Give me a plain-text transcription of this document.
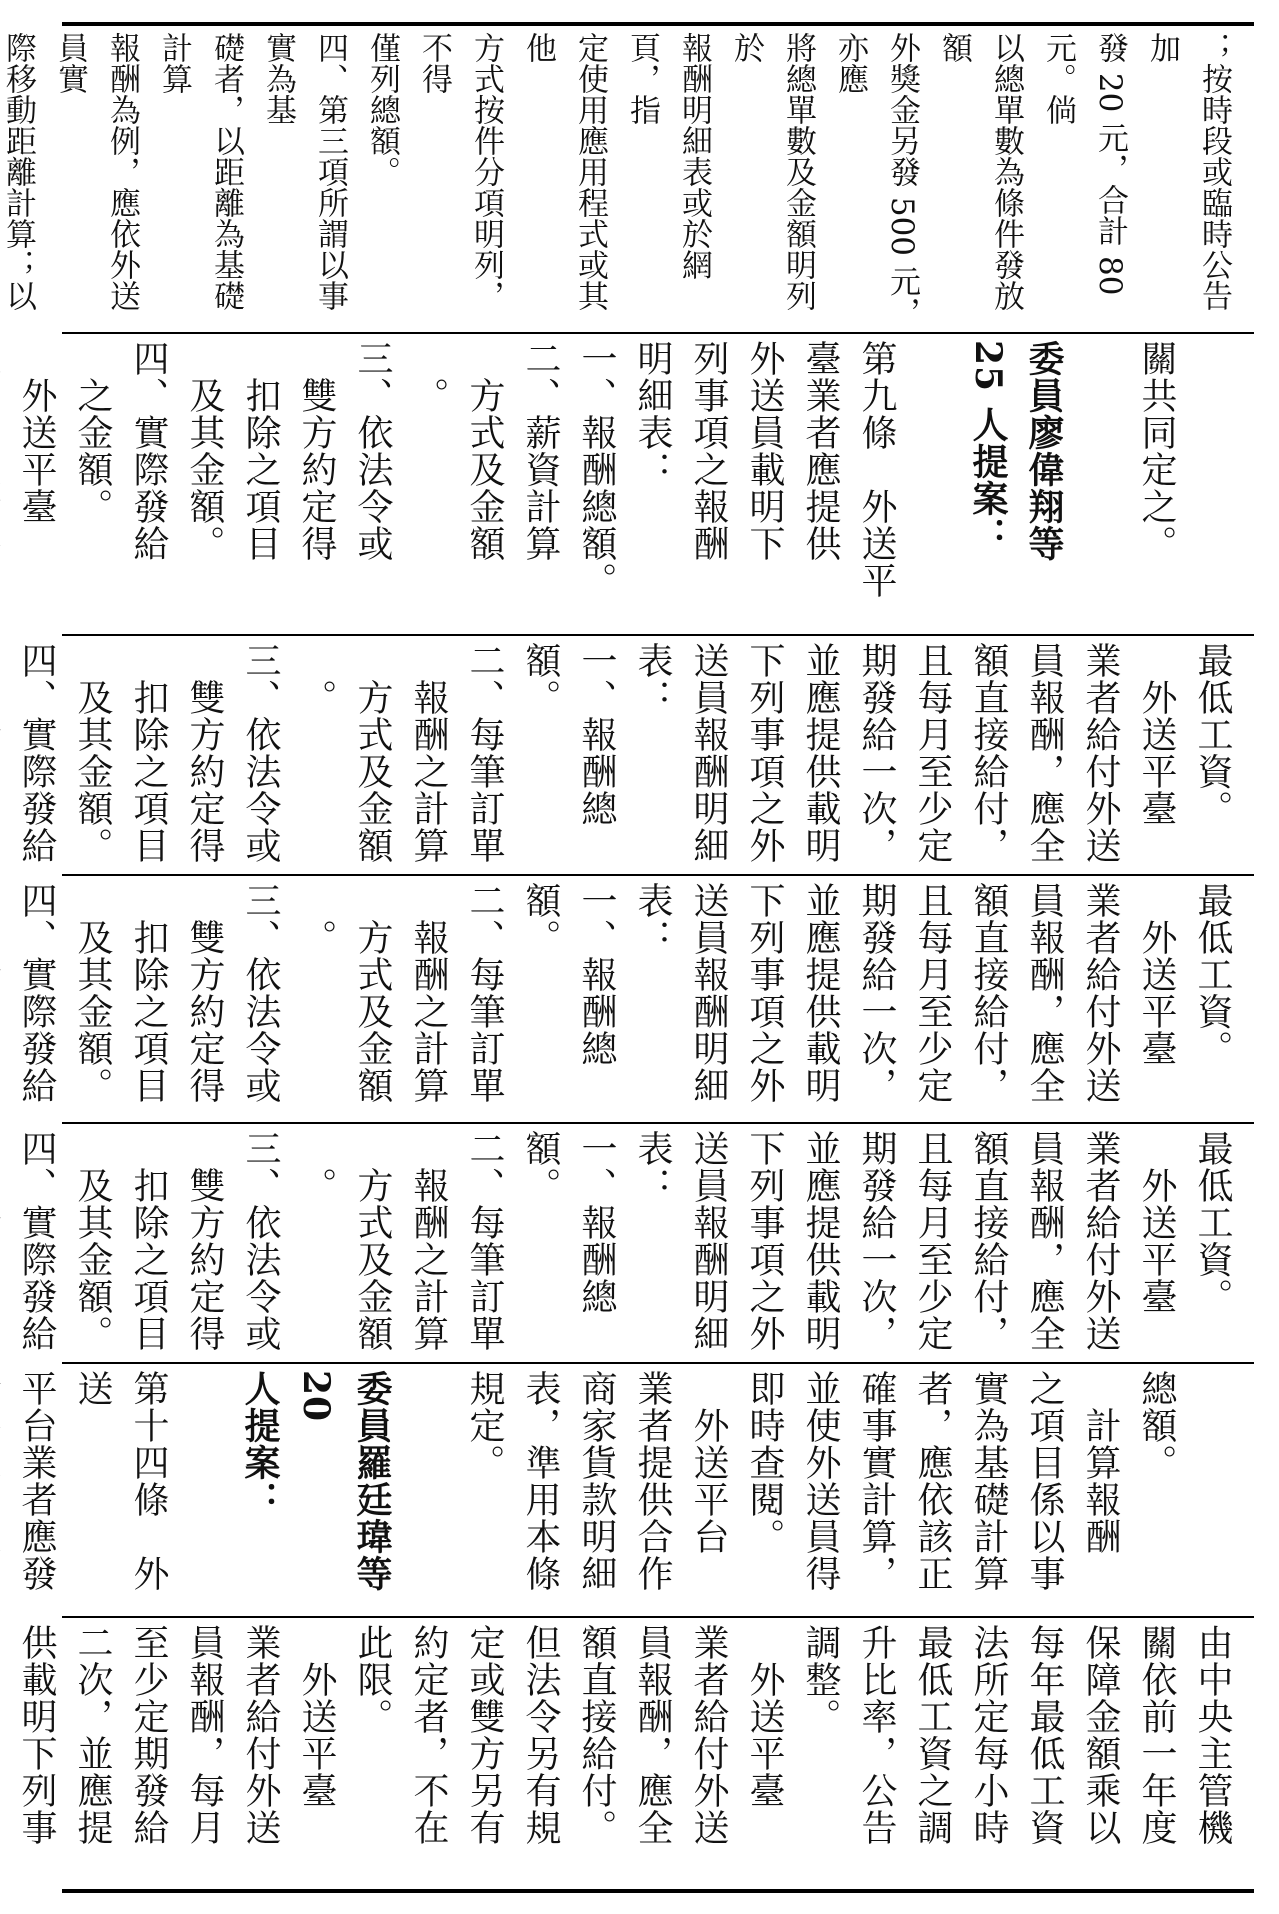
；按時段或臨時公告加
發 20 元，合計 80 元。倘
以總單數為條件發放額
外獎金另發 500 元，亦應
將總單數及金額明列於
報酬明細表或於網頁，指
定使用應用程式或其他
方式按件分項明列，不得
僅列總額。
四、第三項所謂以事實為基
礎者，以距離為基礎計算
報酬為例，應依外送員實
際移動距離計算；以

關共同定之。

委員廖偉翔等
25 人提案：

第九條　外送平
臺業者應提供
外送員載明下
列事項之報酬
明細表：
一、報酬總額。
二、薪資計算
　方式及金額
　。
三、依法令或
　雙方約定得
　扣除之項目
　及其金額。
四、實際發給
　之金額。
　外送平臺

最低工資。
　外送平臺
業者給付外送
員報酬，應全
額直接給付，
且每月至少定
期發給一次，
並應提供載明
下列事項之外
送員報酬明細
表：
一、報酬總額。
二、每筆訂單
　報酬之計算
　方式及金額
　。
三、依法令或
　雙方約定得
　扣除之項目
　及其金額。
四、實際發給

最低工資。
　外送平臺
業者給付外送
員報酬，應全
額直接給付，
且每月至少定
期發給一次，
並應提供載明
下列事項之外
送員報酬明細
表：
一、報酬總額。
二、每筆訂單
　報酬之計算
　方式及金額
　。
三、依法令或
　雙方約定得
　扣除之項目
　及其金額。
四、實際發給

最低工資。
　外送平臺
業者給付外送
員報酬，應全
額直接給付，
且每月至少定
期發給一次，
並應提供載明
下列事項之外
送員報酬明細
表：
一、報酬總額。
二、每筆訂單
　報酬之計算
　方式及金額
　。
三、依法令或
　雙方約定得
　扣除之項目
　及其金額。
四、實際發給

總額。
　計算報酬
之項目係以事
實為基礎計算
者，應依該正
確事實計算，
並使外送員得
即時查閱。
　外送平台
業者提供合作
商家貨款明細
表，準用本條
規定。

委員羅廷瑋等 20
人提案：

第十四條　外送
平台業者應發

由中央主管機
關依前一年度
保障金額乘以
每年最低工資
法所定每小時
最低工資之調
升比率，公告
調整。
　外送平臺
業者給付外送
員報酬，應全
額直接給付。
但法令另有規
定或雙方另有
約定者，不在
此限。
　外送平臺
業者給付外送
員報酬，每月
至少定期發給
二次，並應提
供載明下列事
